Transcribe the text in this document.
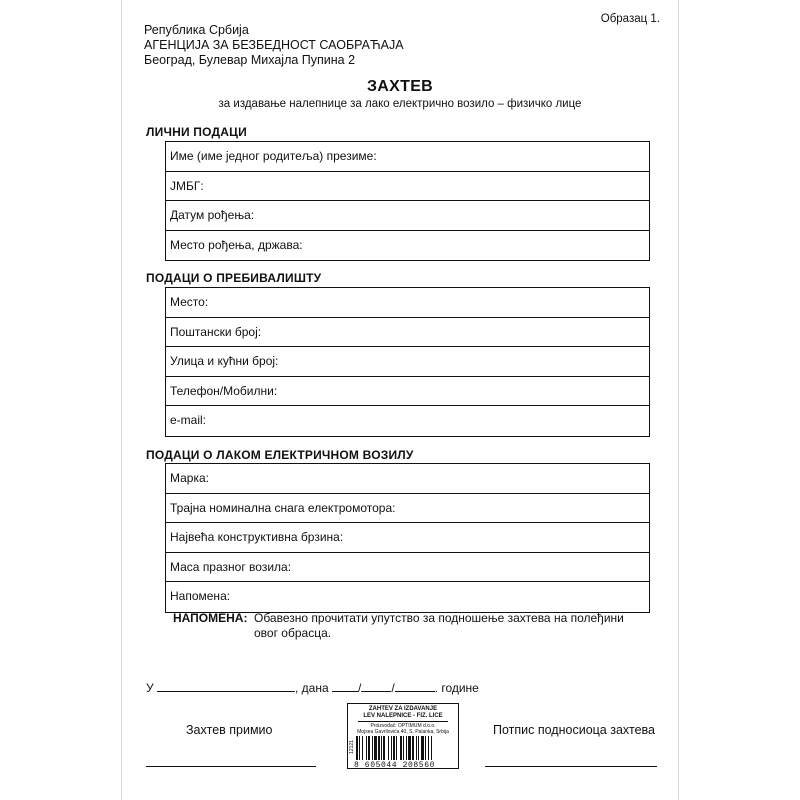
Образац 1.
Република Србија
АГЕНЦИЈА ЗА БЕЗБЕДНОСТ САОБРАЋАЈА
Београд, Булевар Михајла Пупина 2
ЗАХТЕВ
за издавање налепнице за лако електрично возило – физичко лице
ЛИЧНИ ПОДАЦИ
Име (име једног родитеља) презиме:
ЈМБГ:
Датум рођења:
Место рођења, држава:
ПОДАЦИ О ПРЕБИВАЛИШТУ
Место:
Поштански број:
Улица и кућни број:
Телефон/Мобилни:
e-mail:
ПОДАЦИ О ЛАКОМ ЕЛЕКТРИЧНОМ ВОЗИЛУ
Марка:
Трајна номинална снага електромотора:
Највећа конструктивна брзина:
Маса празног возила:
Напомена:
НАПОМЕНА: Обавезно прочитати упутство за подношење захтева на полеђини овог обрасца.
У	, дана /	/	. године
Захтев примио	Потпис подносиоца захтева
ZAHTEV ZA IZDAVANJE
LEV NALEPNICE - FIZ. LICE
Proizvođač: OPTIMUM d.o.o.
Mojsea Gavrilovića 40, S. Palanka, Srbija
12121
8 605044 208560
